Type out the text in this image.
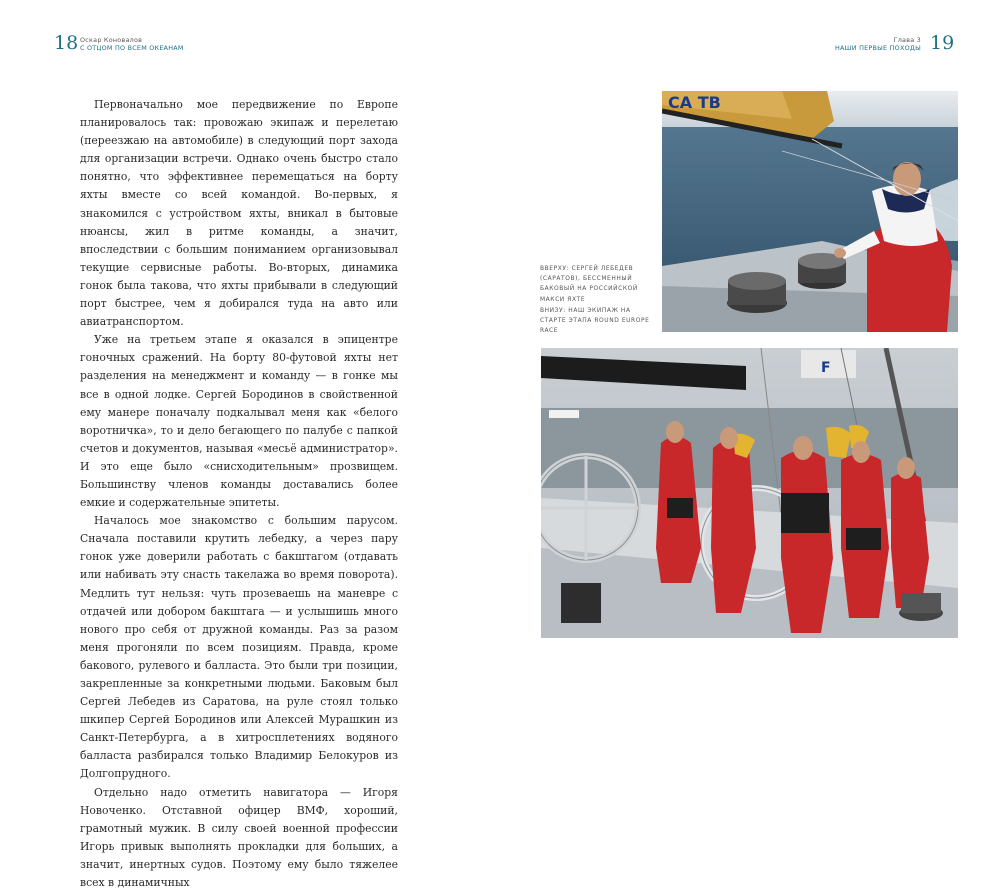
18 Оскар Коновалов
С ОТЦОМ ПО ВСЕМ ОКЕАНАМ

Первоначально мое передвижение по Европе планировалось так: провожаю экипаж и перелетаю (переезжаю на автомобиле) в следующий порт захода для организации встречи. Однако очень быстро стало понятно, что эффективнее перемещаться на борту яхты вместе со всей командой. Во-первых, я знакомился с устройством яхты, вникал в бытовые нюансы, жил в ритме команды, а значит, впоследствии с большим пониманием организовывал текущие сервисные работы. Во-вторых, динамика гонок была такова, что яхты прибывали в следующий порт быстрее, чем я добирался туда на авто или авиатранспортом.

Уже на третьем этапе я оказался в эпицентре гоночных сражений. На борту 80-футовой яхты нет разделения на менеджмент и команду — в гонке мы все в одной лодке. Сергей Бородинов в свойственной ему манере поначалу подкалывал меня как «белого воротничка», то и дело бегающего по палубе с папкой счетов и документов, называя «месьё администратор». И это еще было «снисходительным» прозвищем. Большинству членов команды доставались более емкие и содержательные эпитеты.

Началось мое знакомство с большим парусом. Сначала поставили крутить лебедку, а через пару гонок уже доверили работать с бакштагом (отдавать или набивать эту снасть такелажа во время поворота). Медлить тут нельзя: чуть прозеваешь на маневре с отдачей или добором бакштага — и услышишь много нового про себя от дружной команды. Раз за разом меня прогоняли по всем позициям. Правда, кроме бакового, рулевого и балласта. Это были три позиции, закрепленные за конкретными людьми. Баковым был Сергей Лебедев из Саратова, на руле стоял только шкипер Сергей Бородинов или Алексей Мурашкин из Санкт-Петербурга, а в хитросплетениях водяного балласта разбирался только Владимир Белокуров из Долгопрудного.

Отдельно надо отметить навигатора — Игоря Новоченко. Отставной офицер ВМФ, хороший, грамотный мужик. В силу своей военной профессии Игорь привык выполнять прокладки для больших, а значит, инертных судов. Поэтому ему было тяжелее всех в динамичных

Глава 3
НАШИ ПЕРВЫЕ ПОХОДЫ 19
ВВЕРХУ: СЕРГЕЙ ЛЕБЕДЕВ (САРАТОВ), БЕССМЕННЫЙ БАКОВЫЙ НА РОССИЙСКОЙ МАКСИ ЯХТЕ
ВНИЗУ: НАШ ЭКИПАЖ НА СТАРТЕ ЭТАПА ROUND EUROPE RACE
CA TB
F
